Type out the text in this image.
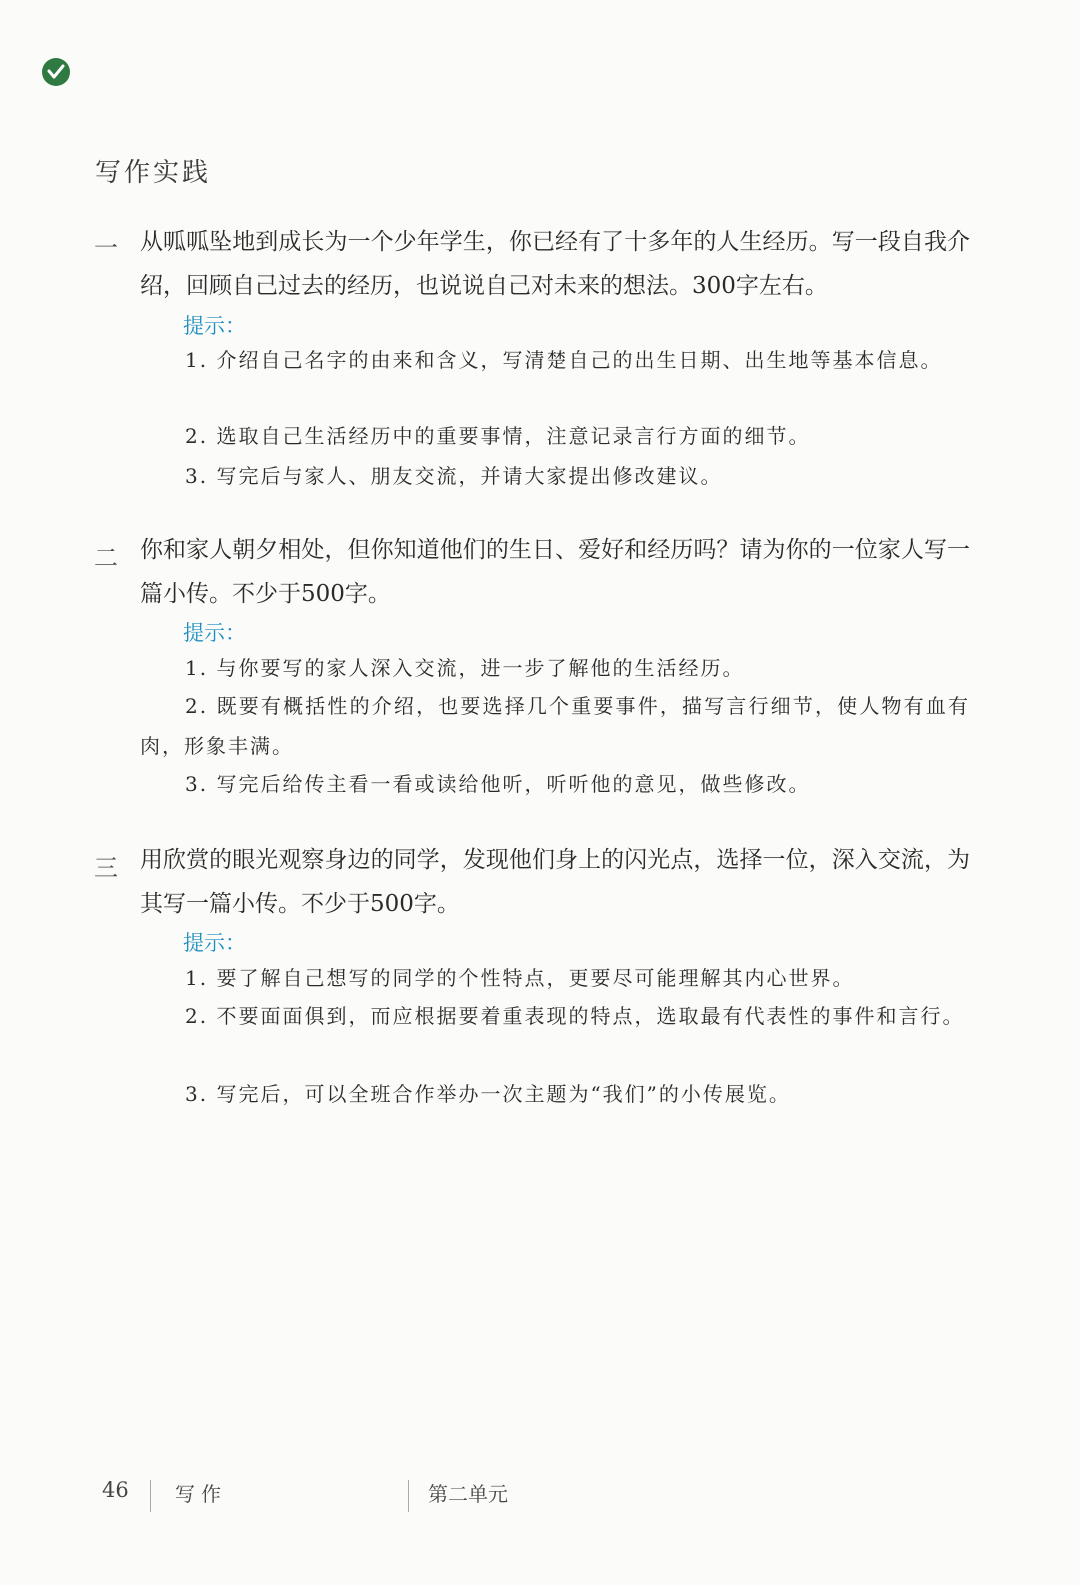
写作实践
一 从呱呱坠地到成长为一个少年学生，你已经有了十多年的人生经历。写一段自我介绍，回顾自己过去的经历，也说说自己对未来的想法。300字左右。
提示：
1. 介绍自己名字的由来和含义，写清楚自己的出生日期、出生地等基本信息。
2. 选取自己生活经历中的重要事情，注意记录言行方面的细节。
3. 写完后与家人、朋友交流，并请大家提出修改建议。
二 你和家人朝夕相处，但你知道他们的生日、爱好和经历吗？请为你的一位家人写一篇小传。不少于500字。
提示：
1. 与你要写的家人深入交流，进一步了解他的生活经历。
2. 既要有概括性的介绍，也要选择几个重要事件，描写言行细节，使人物有血有肉，形象丰满。
3. 写完后给传主看一看或读给他听，听听他的意见，做些修改。
三 用欣赏的眼光观察身边的同学，发现他们身上的闪光点，选择一位，深入交流，为其写一篇小传。不少于500字。
提示：
1. 要了解自己想写的同学的个性特点，更要尽可能理解其内心世界。
2. 不要面面俱到，而应根据要着重表现的特点，选取最有代表性的事件和言行。
3. 写完后，可以全班合作举办一次主题为“我们”的小传展览。
46 写作	第二单元
